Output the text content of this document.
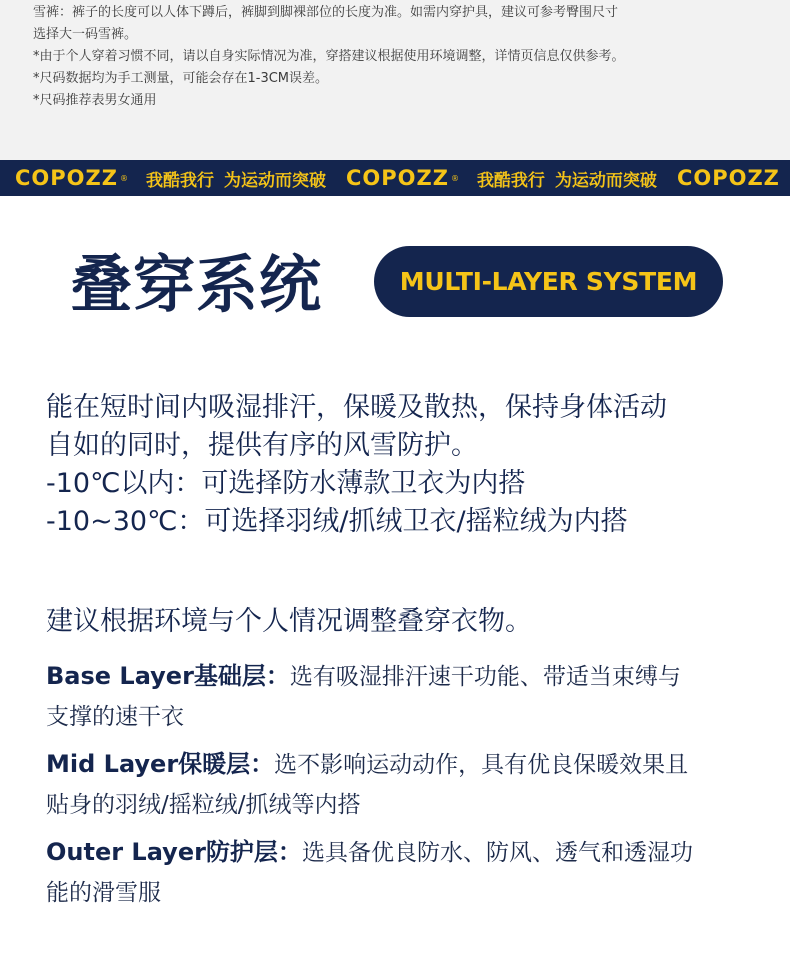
雪裤：裤子的长度可以人体下蹲后，裤脚到脚裸部位的长度为准。如需内穿护具，建议可参考臀围尺寸
选择大一码雪裤。
*由于个人穿着习惯不同，请以自身实际情况为准，穿搭建议根据使用环境调整，详情页信息仅供参考。
*尺码数据均为手工测量，可能会存在1-3CM误差。
*尺码推荐表男女通用
COPOZZ ® 我酷我行 为运动而突破 COPOZZ ® 我酷我行 为运动而突破 COPOZZ
叠穿系统	MULTI-LAYER SYSTEM
能在短时间内吸湿排汗，保暖及散热，保持身体活动
自如的同时，提供有序的风雪防护。
-10℃以内：可选择防水薄款卫衣为内搭
-10~30℃：可选择羽绒/抓绒卫衣/摇粒绒为内搭
建议根据环境与个人情况调整叠穿衣物。
Base Layer基础层：选有吸湿排汗速干功能、带适当束缚与
支撑的速干衣
Mid Layer保暖层：选不影响运动动作，具有优良保暖效果且
贴身的羽绒/摇粒绒/抓绒等内搭
Outer Layer防护层：选具备优良防水、防风、透气和透湿功
能的滑雪服
